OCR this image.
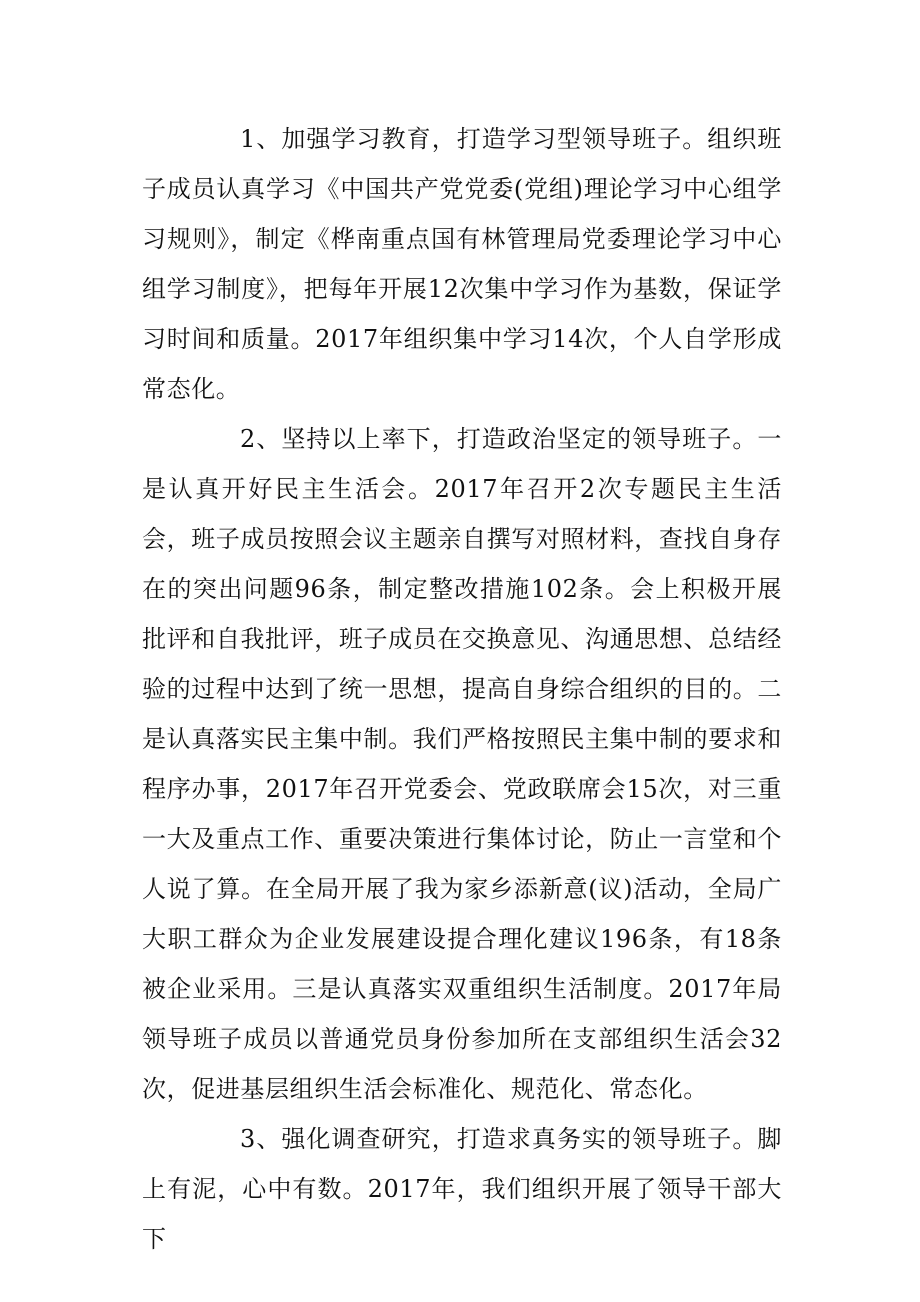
1、加强学习教育，打造学习型领导班子。组织班子成员认真学习《中国共产党党委(党组)理论学习中心组学习规则》，制定《桦南重点国有林管理局党委理论学习中心组学习制度》，把每年开展12次集中学习作为基数，保证学习时间和质量。2017年组织集中学习14次，个人自学形成常态化。

2、坚持以上率下，打造政治坚定的领导班子。一是认真开好民主生活会。2017年召开2次专题民主生活会，班子成员按照会议主题亲自撰写对照材料，查找自身存在的突出问题96条，制定整改措施102条。会上积极开展批评和自我批评，班子成员在交换意见、沟通思想、总结经验的过程中达到了统一思想，提高自身综合组织的目的。二是认真落实民主集中制。我们严格按照民主集中制的要求和程序办事，2017年召开党委会、党政联席会15次，对三重一大及重点工作、重要决策进行集体讨论，防止一言堂和个人说了算。在全局开展了我为家乡添新意(议)活动，全局广大职工群众为企业发展建设提合理化建议196条，有18条被企业采用。三是认真落实双重组织生活制度。2017年局领导班子成员以普通党员身份参加所在支部组织生活会32次，促进基层组织生活会标准化、规范化、常态化。

3、强化调查研究，打造求真务实的领导班子。脚上有泥，心中有数。2017年，我们组织开展了领导干部大下
